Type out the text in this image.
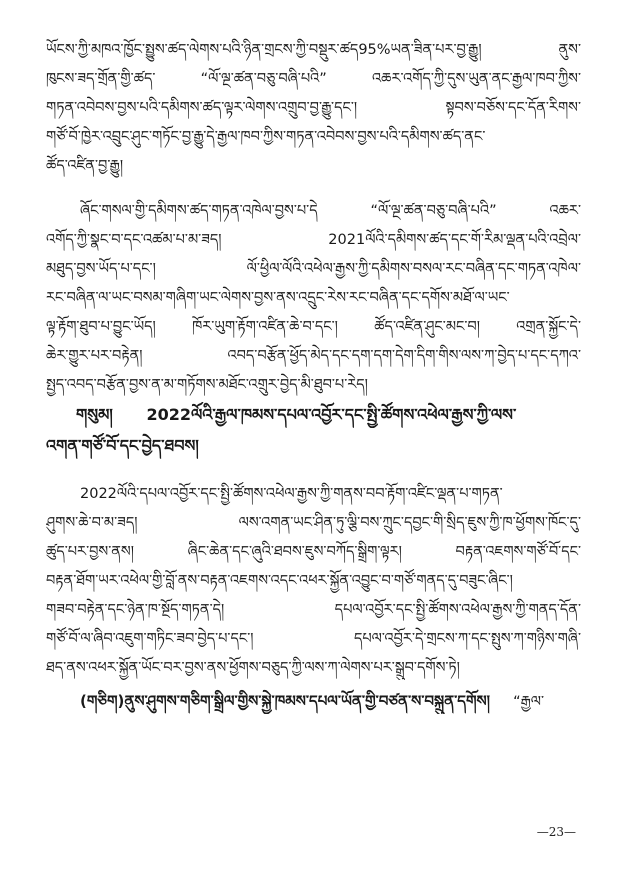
ཡོངས་ཀྱི་མཁའ་ཁྱོང་སྤྱུས་ཚད་ལེགས་པའི་ཉིན་གྲངས་ཀྱི་བསྡུར་ཚད95%ཡན་ཟིན་པར་བྱ་རྒྱུ། ནུས་
ཁུངས་ཟད་གྲོན་གྱི་ཚད་ “ལོ་ལྔ་ཚན་བཅུ་བཞི་པའི” འཆར་འགོད་ཀྱི་དུས་ཡུན་ནང་རྒྱལ་ཁབ་ཀྱིས་
གཏན་འབེབས་བྱས་པའི་དམིགས་ཚད་ལྟར་ལེགས་འགྲུབ་བྱ་རྒྱུ་དང་། སྟབས་བཅོས་དང་དོན་རིགས་
གཙོ་བོ་ཁྱེར་འབྲུང་ཤུང་གཏོང་བྱ་རྒྱུ་དེ་རྒྱལ་ཁབ་ཀྱིས་གཏན་འབེབས་བྱས་པའི་དམིགས་ཚད་ནང་
ཚོད་འཛིན་བྱ་རྒྱུ།
ཞོང་གསལ་གྱི་དམིགས་ཚད་གཏན་འཁེལ་བྱས་པ་དེ “ལོ་ལྔ་ཚན་བཅུ་བཞི་པའི” འཆར་
འགོད་ཀྱི་སྣང་བ་དང་འཚམ་པ་མ་ཟད། 2021ལོའི་དམིགས་ཚད་དང་གོ་རིམ་ལྡན་པའི་འབྲེལ་
མཐུད་བྱས་ཡོད་པ་དང་། ལོ་ཕྱིལ་ལོའི་འཕེལ་རྒྱས་ཀྱི་དམིགས་བསལ་རང་བཞིན་དང་གཏན་འཁེལ་
རང་བཞིན་ལ་ཡང་བསམ་གཞིག་ཡང་ལེགས་བྱས་ནས་འདྲུང་རེས་རང་བཞིན་དང་དགོས་མཐོ་ལ་ཡང་
ལྟ་རྟོག་ཐུབ་པ་བྱུང་ཡོད། ཁོར་ཡུག་རྟོག་འཛིན་ཆེ་བ་དང་། ཚོད་འཛིན་ཤུང་མང་བ། འགྲན་སྐྱོང་དེ་
ཆེར་གྱུར་པར་བརྟེན། འབད་བརྩོན་ཕྱོད་མེད་དང་དག་དག་དེག་དིག་གིས་ལས་ཀ་བྱེད་པ་དང་དཀའ་
སྤྱད་འབད་བརྩོན་བྱས་ན་མ་གཏོགས་མཐོང་འགྲུར་བྱེད་མི་ཐུབ་པ་རེད།
གསུམ། 2022ལོའི་རྒྱལ་ཁམས་དཔལ་འབྱོར་དང་སྤྱི་ཚོགས་འཕེལ་རྒྱས་ཀྱི་ལས་
འགན་གཙོ་བོ་དང་བྱེད་ཐབས།
2022ལོའི་དཔལ་འབྱོར་དང་སྤྱི་ཚོགས་འཕེལ་རྒྱས་ཀྱི་གནས་བབ་རྟོག་འཛིང་ལྡན་པ་གཏན་
ཤུགས་ཆེ་བ་མ་ཟད། ལས་འགན་ཡང་ཤིན་ཏུ་ལྕི་བས་ཀྲུང་དབྱང་གི་སྲིད་ཇུས་ཀྱི་ཁ་ཕྱོགས་ཁོང་དུ་
ཚུད་པར་བྱས་ནས། ཞིང་ཆེན་དང་ཞུའི་ཐབས་ཇུས་བཀོད་སྒྲིག་ལྟར། བརྟན་འཇགས་གཙོ་བོ་དང་
བརྟན་ཐོག་ཡར་འཕེལ་གྱི་བློ་ནས་བརྟན་འཇགས་འདང་འཕར་སྐྱོན་འབྱུང་བ་གཙོ་གནད་དུ་བཟུང་ཞིང་།
གཟབ་བརྟེན་དང་ཉེན་ཁ་སྔོད་གཏན་དེ། དཔལ་འབྱོར་དང་སྤྱི་ཚོགས་འཕེལ་རྒྱས་ཀྱི་གནད་དོན་
གཙོ་བོ་ལ་ཞིབ་འཇུག་གཏིང་ཟབ་བྱེད་པ་དང་། དཔལ་འབྱོར་དེ་གྲངས་ཀ་དང་སྤུས་ཀ་གཉིས་གཞི་
ཐད་ནས་འཕར་སྐྱོན་ཡོང་བར་བྱས་ནས་ཕྱོགས་བཅུད་ཀྱི་ལས་ཀ་ལེགས་པར་སྒྲུབ་དགོས་ཏེ།
(གཅིག)ནུས་ཤུགས་གཅིག་སྒྲིལ་གྱིས་སྐྱེ་ཁམས་དཔལ་ཡོན་གྱི་བཙན་ས་བསྐྲུན་དགོས། “རྒྱལ་
—23—
